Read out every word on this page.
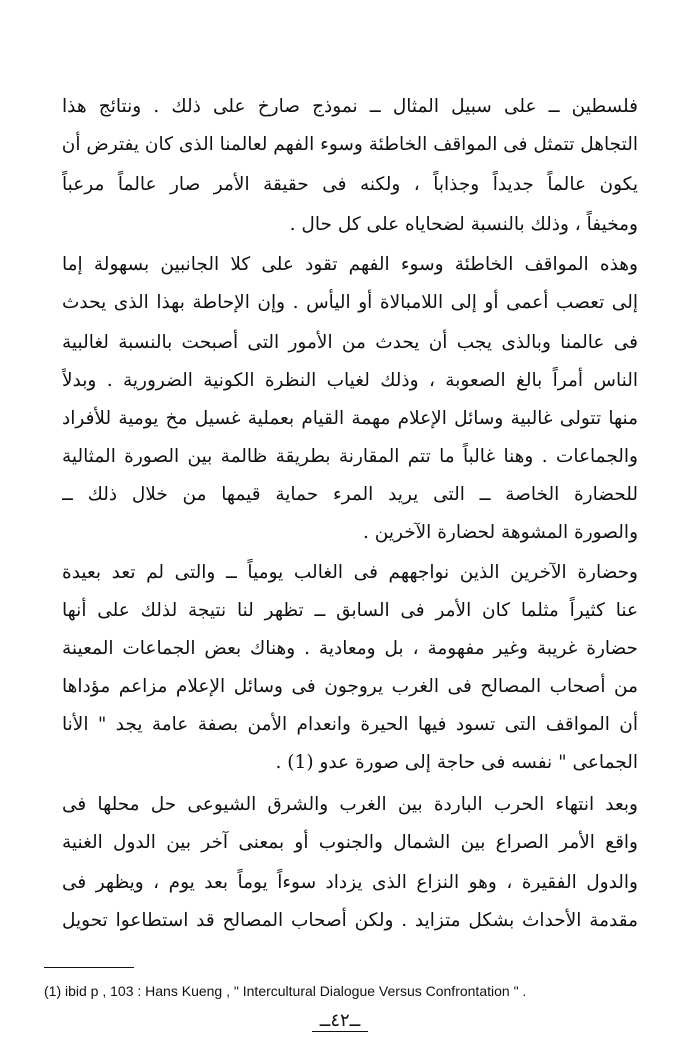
فلسطين ــ على سبيل المثال ــ نموذج صارخ على ذلك . ونتائج هذا
التجاهل تتمثل فى المواقف الخاطئة وسوء الفهم لعالمنا الذى كان يفترض أن
يكون عالماً جديداً وجذاباً ، ولكنه فى حقيقة الأمر صار عالماً مرعباً
ومخيفاً ، وذلك بالنسبة لضحاياه على كل حال .
وهذه المواقف الخاطئة وسوء الفهم تقود على كلا الجانبين بسهولة إما
إلى تعصب أعمى أو إلى اللامبالاة أو اليأس . وإن الإحاطة بهذا الذى يحدث
فى عالمنا وبالذى يجب أن يحدث من الأمور التى أصبحت بالنسبة لغالبية
الناس أمراً بالغ الصعوبة ، وذلك لغياب النظرة الكونية الضرورية . وبدلاً
منها تتولى غالبية وسائل الإعلام مهمة القيام بعملية غسيل مخ يومية للأفراد
والجماعات . وهنا غالباً ما تتم المقارنة بطريقة ظالمة بين الصورة المثالية
للحضارة الخاصة ــ التى يريد المرء حماية قيمها من خلال ذلك ــ
والصورة المشوهة لحضارة الآخرين .
وحضارة الآخرين الذين نواجههم فى الغالب يومياً ــ والتى لم تعد بعيدة
عنا كثيراً مثلما كان الأمر فى السابق ــ تظهر لنا نتيجة لذلك على أنها
حضارة غريبة وغير مفهومة ، بل ومعادية . وهناك بعض الجماعات المعينة
من أصحاب المصالح فى الغرب يروجون فى وسائل الإعلام مزاعم مؤداها
أن المواقف التى تسود فيها الحيرة وانعدام الأمن بصفة عامة يجد " الأنا
الجماعى " نفسه فى حاجة إلى صورة عدو (1) .
وبعد انتهاء الحرب الباردة بين الغرب والشرق الشيوعى حل محلها فى
واقع الأمر الصراع بين الشمال والجنوب أو بمعنى آخر بين الدول الغنية
والدول الفقيرة ، وهو النزاع الذى يزداد سوءاً يوماً بعد يوم ، ويظهر فى
مقدمة الأحداث بشكل متزايد . ولكن أصحاب المصالح قد استطاعوا تحويل
(1) ibid p , 103 : Hans Kueng , " Intercultural Dialogue Versus Confrontation " .
ــ٤٢ــ
